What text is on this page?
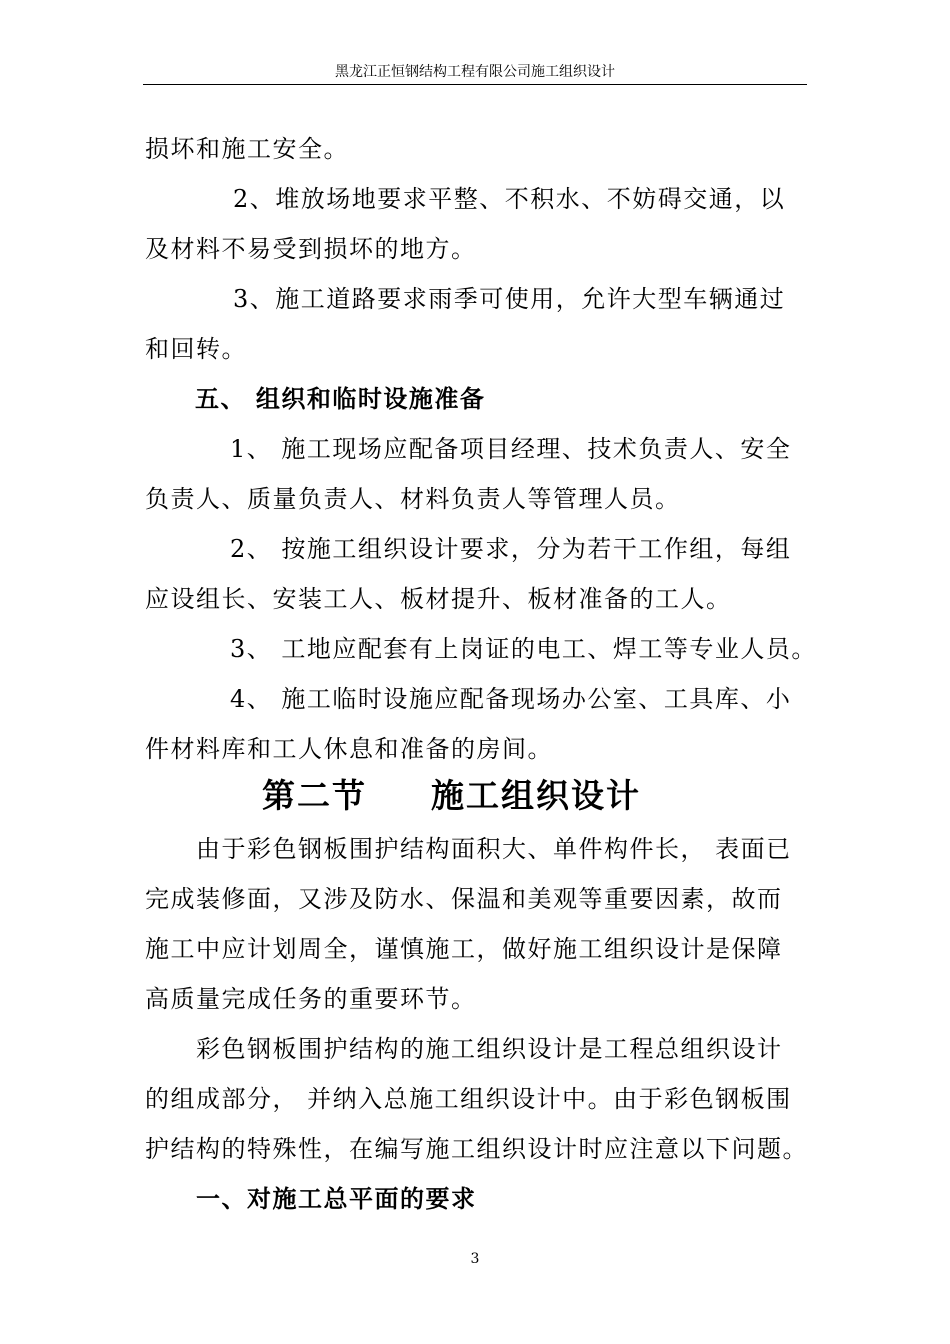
黑龙江正恒钢结构工程有限公司施工组织设计
损坏和施工安全。
2、堆放场地要求平整、不积水、不妨碍交通，以
及材料不易受到损坏的地方。
3、施工道路要求雨季可使用，允许大型车辆通过
和回转。
五、 组织和临时设施准备
1、 施工现场应配备项目经理、技术负责人、安全
负责人、质量负责人、材料负责人等管理人员。
2、 按施工组织设计要求，分为若干工作组，每组
应设组长、安装工人、板材提升、板材准备的工人。
3、 工地应配套有上岗证的电工、焊工等专业人员。
4、 施工临时设施应配备现场办公室、工具库、小
件材料库和工人休息和准备的房间。
第二节 施工组织设计
由于彩色钢板围护结构面积大、单件构件长， 表面已
完成装修面，又涉及防水、保温和美观等重要因素，故而
施工中应计划周全，谨慎施工，做好施工组织设计是保障
高质量完成任务的重要环节。
彩色钢板围护结构的施工组织设计是工程总组织设计
的组成部分， 并纳入总施工组织设计中。由于彩色钢板围
护结构的特殊性，在编写施工组织设计时应注意以下问题。
一、对施工总平面的要求
3
